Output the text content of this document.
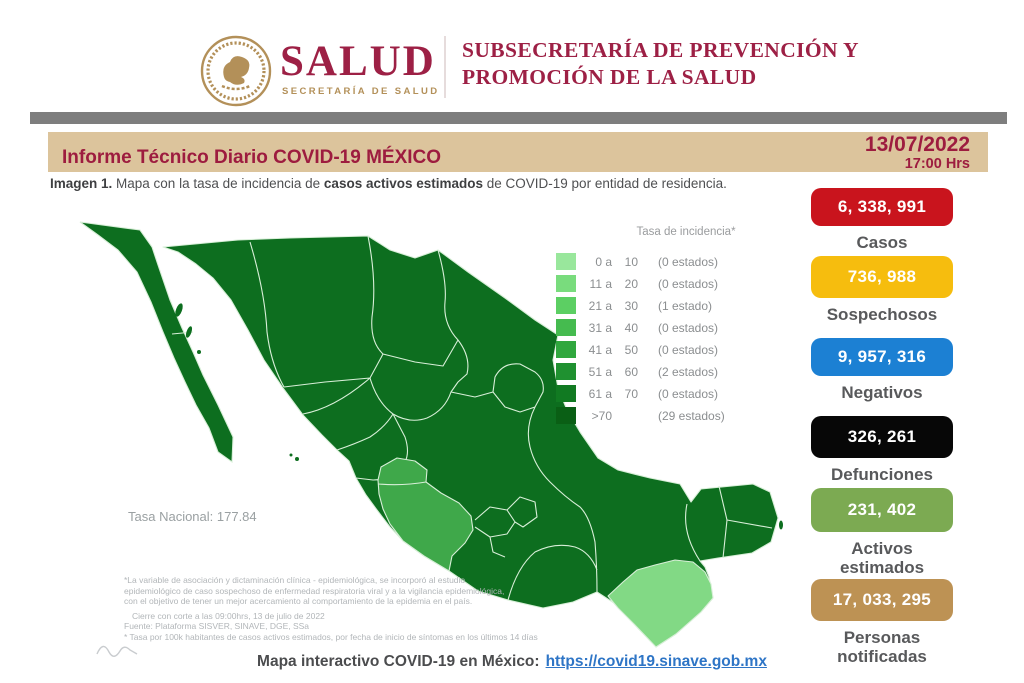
SALUD
SECRETARÍA DE SALUD
SUBSECRETARÍA DE PREVENCIÓN Y
PROMOCIÓN DE LA SALUD
Informe Técnico Diario COVID-19 MÉXICO
13/07/2022
17:00 Hrs
Imagen 1. Mapa con la tasa de incidencia de casos activos estimados de COVID-19 por entidad de residencia.
Tasa de incidencia*
0 a	10 (0 estados)
11 a	20 (0 estados)
21 a	30 (1 estado)
31 a	40 (0 estados)
41 a	50 (0 estados)
51 a	60 (2 estados)
61 a	70 (0 estados)
>70	(29 estados)
Tasa Nacional: 177.84
*La variable de asociación y dictaminación clínica - epidemiológica, se incorporó al estudio
epidemiológico de caso sospechoso de enfermedad respiratoria viral y a la vigilancia epidemiológica,
con el objetivo de tener un mejor acercamiento al comportamiento de la epidemia en el país.
Cierre con corte a las 09:00hrs, 13 de julio de 2022
Fuente: Plataforma SISVER, SINAVE, DGE, SSa
* Tasa por 100k habitantes de casos activos estimados, por fecha de inicio de síntomas en los últimos 14 días
6, 338, 991
Casos
736, 988
Sospechosos
9, 957, 316
Negativos
326, 261
Defunciones
231, 402
Activos estimados
17, 033, 295
Personas notificadas
Mapa interactivo COVID-19 en México: https://covid19.sinave.gob.mx
